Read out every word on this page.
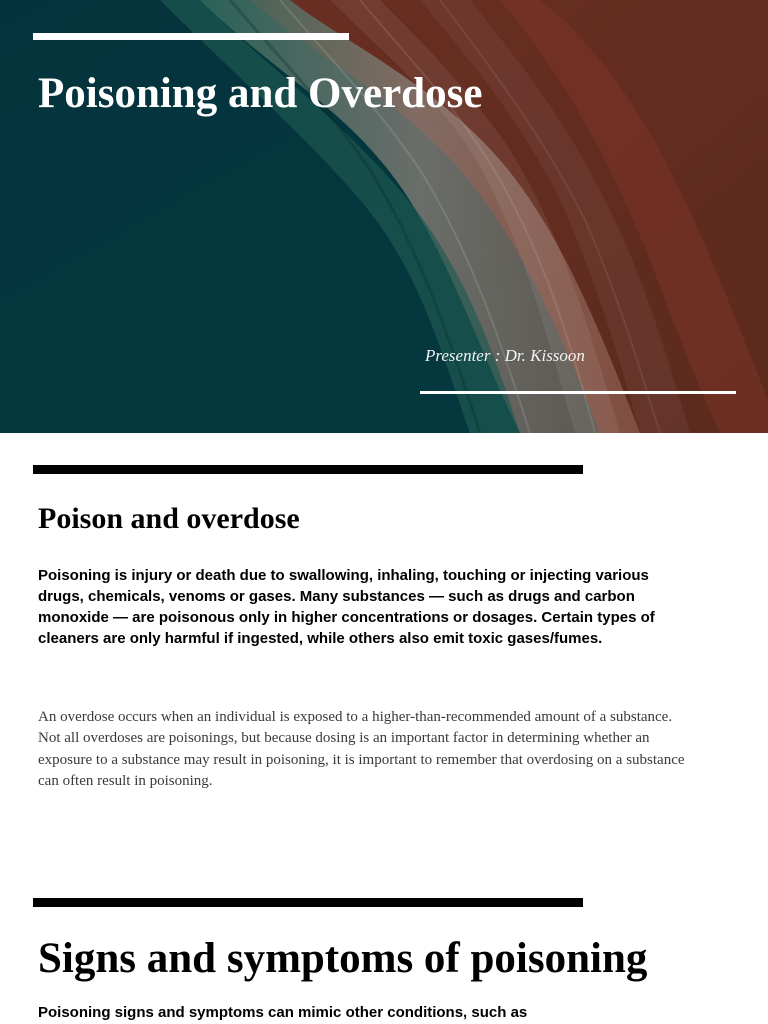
Poisoning and Overdose

Presenter : Dr. Kissoon

Poison and overdose

Poisoning is injury or death due to swallowing, inhaling, touching or injecting various drugs, chemicals, venoms or gases. Many substances — such as drugs and carbon monoxide — are poisonous only in higher concentrations or dosages. Certain types of cleaners are only harmful if ingested, while others also emit toxic gases/fumes.

An overdose occurs when an individual is exposed to a higher-than-recommended amount of a substance. Not all overdoses are poisonings, but because dosing is an important factor in determining whether an exposure to a substance may result in poisoning, it is important to remember that overdosing on a substance can often result in poisoning.

Signs and symptoms of poisoning

Poisoning signs and symptoms can mimic other conditions, such as
